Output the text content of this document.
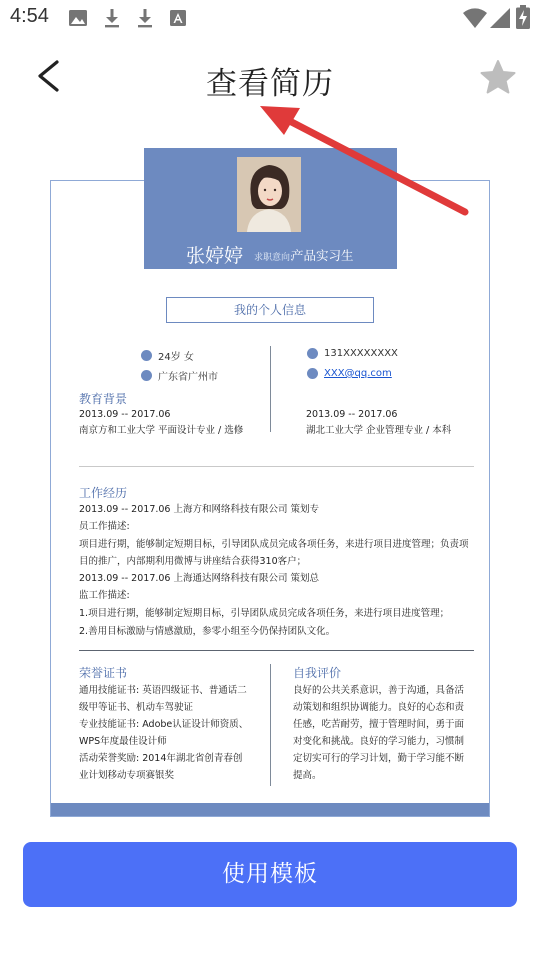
4:54
查看简历
张婷婷 求职意向:
产品实习生
我的个人信息
24岁 女
广东省广州市
131XXXXXXXX
XXX@qq.com
教育背景
2013.09 -- 2017.06
南京方和工业大学 平面设计专业 / 选修
2013.09 -- 2017.06
湖北工业大学 企业管理专业 / 本科
工作经历
2013.09 -- 2017.06 上海方和网络科技有限公司 策划专
员工作描述:
项目进行期，能够制定短期目标，引导团队成员完成各项任务，来进行项目进度管理；负责项目的推广，内部期利用微博与讲座结合获得310客户；
2013.09 -- 2017.06 上海通达网络科技有限公司 策划总
监工作描述:
1.项目进行期，能够制定短期目标，引导团队成员完成各项任务，来进行项目进度管理；
2.善用目标激励与情感激励，参零小组至今仍保持团队文化。
荣誉证书
通用技能证书: 英语四级证书、普通话二级甲等证书、机动车驾驶证
专业技能证书: Adobe认证设计师资质、WPS年度最佳设计师
活动荣誉奖励: 2014年湖北省创青春创业计划移动专项赛银奖
自我评价
良好的公共关系意识，善于沟通，具备活动策划和组织协调能力。良好的心态和责任感，吃苦耐劳，擅于管理时间，勇于面对变化和挑战。良好的学习能力，习惯制定切实可行的学习计划，勤于学习能不断提高。
使用模板
